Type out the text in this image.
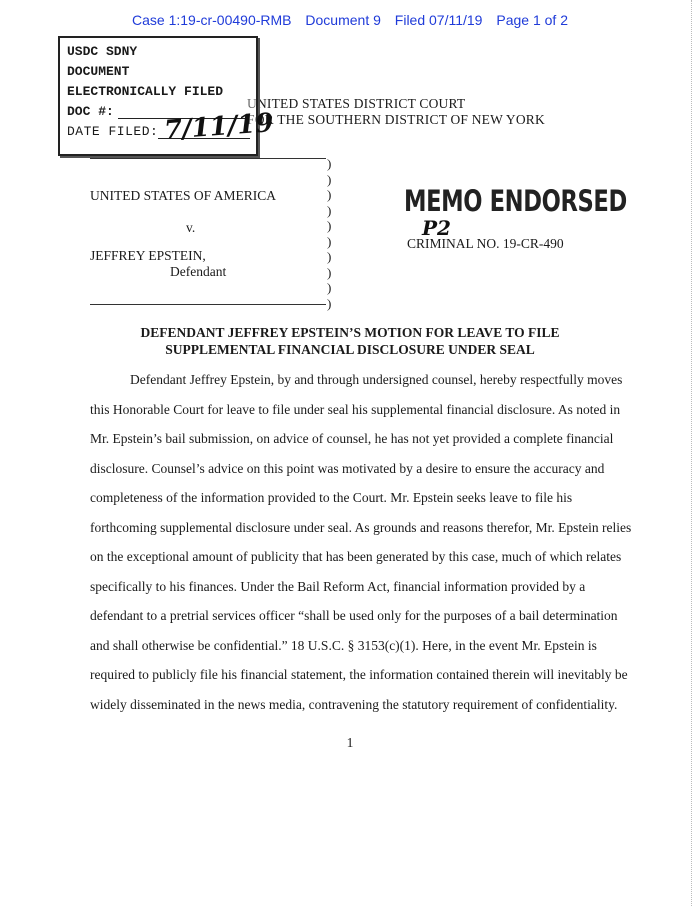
Case 1:19-cr-00490-RMB Document 9 Filed 07/11/19 Page 1 of 2
UNITED STATES DISTRICT COURT
FOR THE SOUTHERN DISTRICT OF NEW YORK
USDC SDNY
DOCUMENT
ELECTRONICALLY FILED
DOC #:
DATE FILED: 7/11/19
UNITED STATES OF AMERICA
v.
JEFFREY EPSTEIN,
Defendant
)
)
)
)
)
)
)
)
)
)
MEMO ENDORSED
P2
CRIMINAL NO. 19-CR-490
DEFENDANT JEFFREY EPSTEIN’S MOTION FOR LEAVE TO FILE
SUPPLEMENTAL FINANCIAL DISCLOSURE UNDER SEAL
Defendant Jeffrey Epstein, by and through undersigned counsel, hereby respectfully moves
this Honorable Court for leave to file under seal his supplemental financial disclosure. As noted in
Mr. Epstein’s bail submission, on advice of counsel, he has not yet provided a complete financial
disclosure. Counsel’s advice on this point was motivated by a desire to ensure the accuracy and
completeness of the information provided to the Court. Mr. Epstein seeks leave to file his
forthcoming supplemental disclosure under seal. As grounds and reasons therefor, Mr. Epstein relies
on the exceptional amount of publicity that has been generated by this case, much of which relates
specifically to his finances. Under the Bail Reform Act, financial information provided by a
defendant to a pretrial services officer “shall be used only for the purposes of a bail determination
and shall otherwise be confidential.” 18 U.S.C. § 3153(c)(1). Here, in the event Mr. Epstein is
required to publicly file his financial statement, the information contained therein will inevitably be
widely disseminated in the news media, contravening the statutory requirement of confidentiality.
1
